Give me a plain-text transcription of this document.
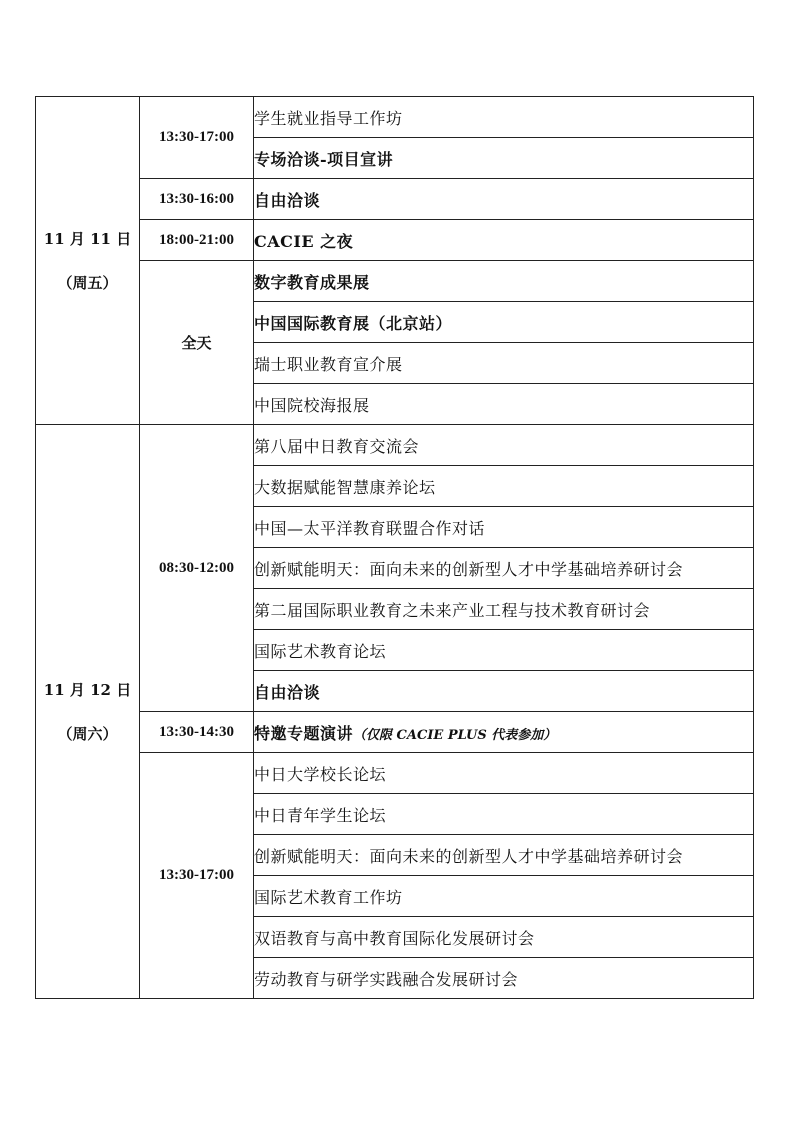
11 月 11 日
（周五）	13:30-17:00	学生就业指导工作坊
		专场洽谈-项目宣讲
	13:30-16:00	自由洽谈
	18:00-21:00	CACIE 之夜
	全天	数字教育成果展
		中国国际教育展（北京站）
		瑞士职业教育宣介展
		中国院校海报展

11 月 12 日
（周六）	08:30-12:00	第八届中日教育交流会
		大数据赋能智慧康养论坛
		中国—太平洋教育联盟合作对话
		创新赋能明天：面向未来的创新型人才中学基础培养研讨会
		第二届国际职业教育之未来产业工程与技术教育研讨会
		国际艺术教育论坛
		自由洽谈
	13:30-14:30	特邀专题演讲（仅限 CACIE PLUS 代表参加）
	13:30-17:00	中日大学校长论坛
		中日青年学生论坛
		创新赋能明天：面向未来的创新型人才中学基础培养研讨会
		国际艺术教育工作坊
		双语教育与高中教育国际化发展研讨会
		劳动教育与研学实践融合发展研讨会
